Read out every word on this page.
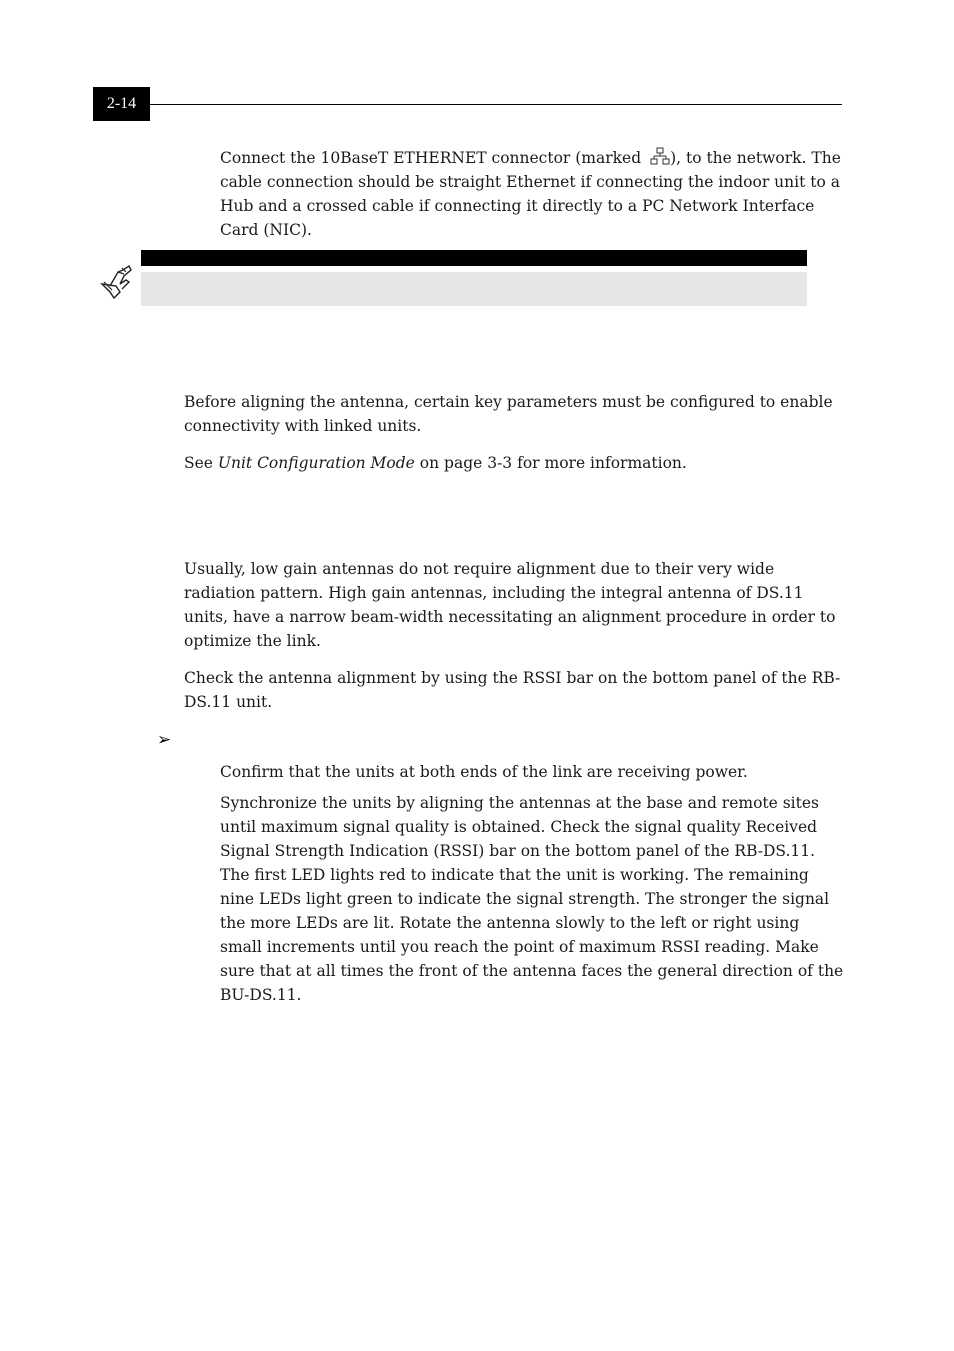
2-14

Connect the 10BaseT ETHERNET connector (marked ), to the network. The cable connection should be straight Ethernet if connecting the indoor unit to a Hub and a crossed cable if connecting it directly to a PC Network Interface Card (NIC).

Before aligning the antenna, certain key parameters must be configured to enable connectivity with linked units.

See Unit Configuration Mode on page 3-3 for more information.

Usually, low gain antennas do not require alignment due to their very wide radiation pattern. High gain antennas, including the integral antenna of DS.11 units, have a narrow beam-width necessitating an alignment procedure in order to optimize the link.

Check the antenna alignment by using the RSSI bar on the bottom panel of the RB-DS.11 unit.

➢

Confirm that the units at both ends of the link are receiving power.

Synchronize the units by aligning the antennas at the base and remote sites until maximum signal quality is obtained. Check the signal quality Received Signal Strength Indication (RSSI) bar on the bottom panel of the RB-DS.11. The first LED lights red to indicate that the unit is working. The remaining nine LEDs light green to indicate the signal strength. The stronger the signal the more LEDs are lit. Rotate the antenna slowly to the left or right using small increments until you reach the point of maximum RSSI reading. Make sure that at all times the front of the antenna faces the general direction of the BU-DS.11.
